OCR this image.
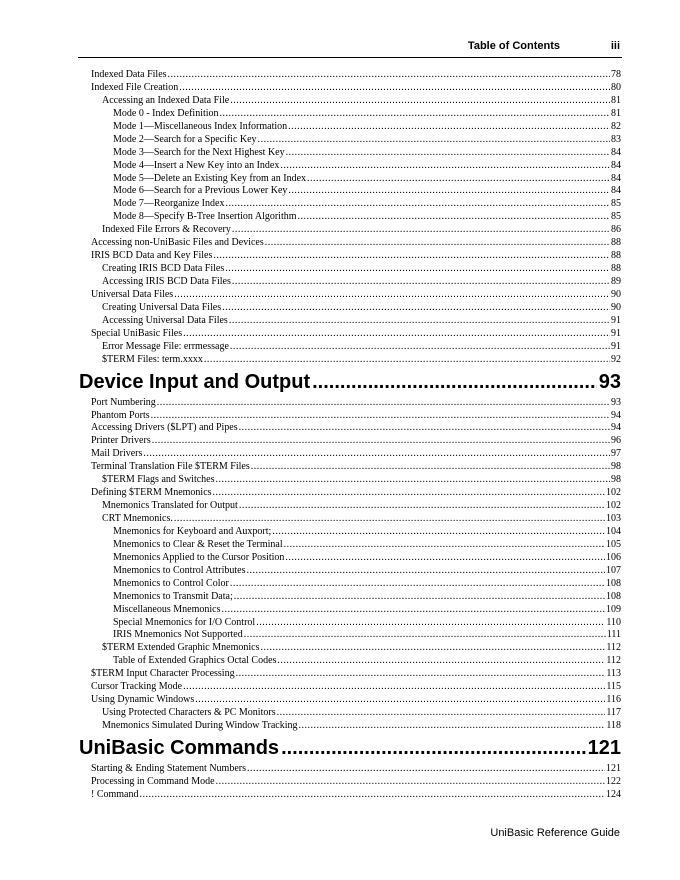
Table of Contents	iii
Indexed Data Files .....	78
Indexed File Creation .....	80
Accessing an Indexed Data File .....	81
Mode 0 - Index Definition .....	81
Mode 1—Miscellaneous Index Information .....	82
Mode 2—Search for a Specific Key .....	83
Mode 3—Search for the Next Highest Key .....	84
Mode 4—Insert a New Key into an Index .....	84
Mode 5—Delete an Existing Key from an Index .....	84
Mode 6—Search for a Previous Lower Key .....	84
Mode 7—Reorganize Index .....	85
Mode 8—Specify B-Tree Insertion Algorithm .....	85
Indexed File Errors & Recovery .....	86
Accessing non-UniBasic Files and Devices .....	88
IRIS BCD Data and Key Files .....	88
Creating IRIS BCD Data Files .....	88
Accessing IRIS BCD Data Files .....	89
Universal Data Files .....	90
Creating Universal Data Files .....	90
Accessing Universal Data Files .....	91
Special UniBasic Files .....	91
Error Message File: errmessage .....	91
$TERM Files: term.xxxx .....	92
Device Input and Output .....	93
Port Numbering .....	93
Phantom Ports .....	94
Accessing Drivers ($LPT) and Pipes .....	94
Printer Drivers .....	96
Mail Drivers .....	97
Terminal Translation File $TERM Files .....	98
$TERM Flags and Switches .....	98
Defining $TERM Mnemonics .....	102
Mnemonics Translated for Output .....	102
CRT Mnemonics. .....	103
Mnemonics for Keyboard and Auxport; .....	104
Mnemonics to Clear & Reset the Terminal .....	105
Mnemonics Applied to the Cursor Position .....	106
Mnemonics to Control Attributes .....	107
Mnemonics to Control Color .....	108
Mnemonics to Transmit Data; .....	108
Miscellaneous Mnemonics .....	109
Special Mnemonics for I/O Control .....	110
IRIS Mnemonics Not Supported .....	111
$TERM Extended Graphic Mnemonics .....	112
Table of Extended Graphics Octal Codes .....	112
$TERM Input Character Processing .....	113
Cursor Tracking Mode .....	115
Using Dynamic Windows .....	116
Using Protected Characters & PC Monitors .....	117
Mnemonics Simulated During Window Tracking .....	118
UniBasic Commands .....	121
Starting & Ending Statement Numbers .....	121
Processing in Command Mode .....	122
! Command .....	124
UniBasic Reference Guide
